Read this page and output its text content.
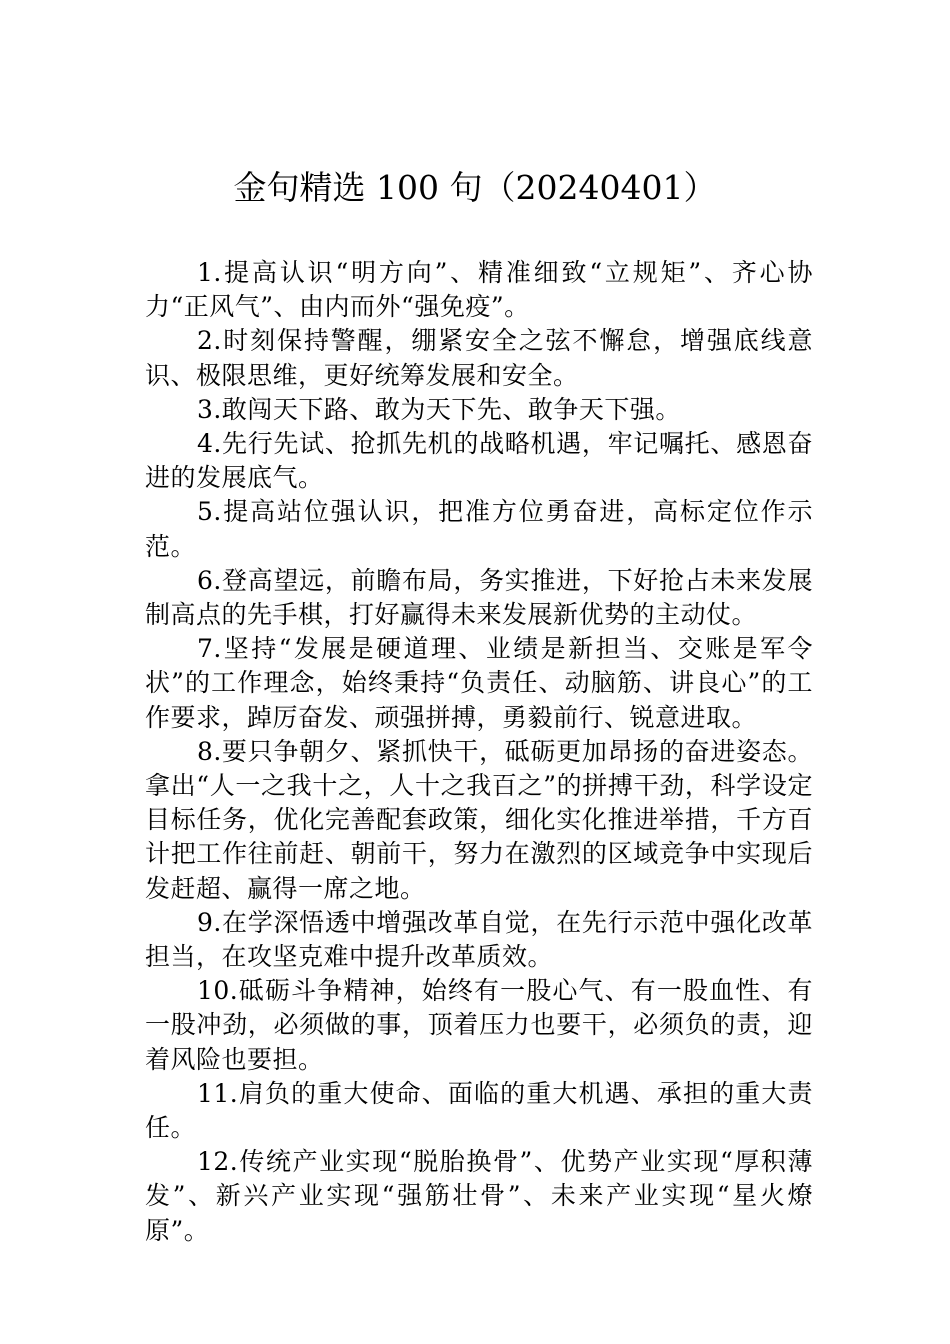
金句精选 100 句（20240401）

1.提高认识“明方向”、精准细致“立规矩”、齐心协力“正风气”、由内而外“强免疫”。

2.时刻保持警醒，绷紧安全之弦不懈怠，增强底线意识、极限思维，更好统筹发展和安全。

3.敢闯天下路、敢为天下先、敢争天下强。

4.先行先试、抢抓先机的战略机遇，牢记嘱托、感恩奋进的发展底气。

5.提高站位强认识，把准方位勇奋进，高标定位作示范。

6.登高望远，前瞻布局，务实推进，下好抢占未来发展制高点的先手棋，打好赢得未来发展新优势的主动仗。

7.坚持“发展是硬道理、业绩是新担当、交账是军令状”的工作理念，始终秉持“负责任、动脑筋、讲良心”的工作要求，踔厉奋发、顽强拼搏，勇毅前行、锐意进取。

8.要只争朝夕、紧抓快干，砥砺更加昂扬的奋进姿态。拿出“人一之我十之，人十之我百之”的拼搏干劲，科学设定目标任务，优化完善配套政策，细化实化推进举措，千方百计把工作往前赶、朝前干，努力在激烈的区域竞争中实现后发赶超、赢得一席之地。

9.在学深悟透中增强改革自觉，在先行示范中强化改革担当，在攻坚克难中提升改革质效。

10.砥砺斗争精神，始终有一股心气、有一股血性、有一股冲劲，必须做的事，顶着压力也要干，必须负的责，迎着风险也要担。

11.肩负的重大使命、面临的重大机遇、承担的重大责任。

12.传统产业实现“脱胎换骨”、优势产业实现“厚积薄发”、新兴产业实现“强筋壮骨”、未来产业实现“星火燎原”。
